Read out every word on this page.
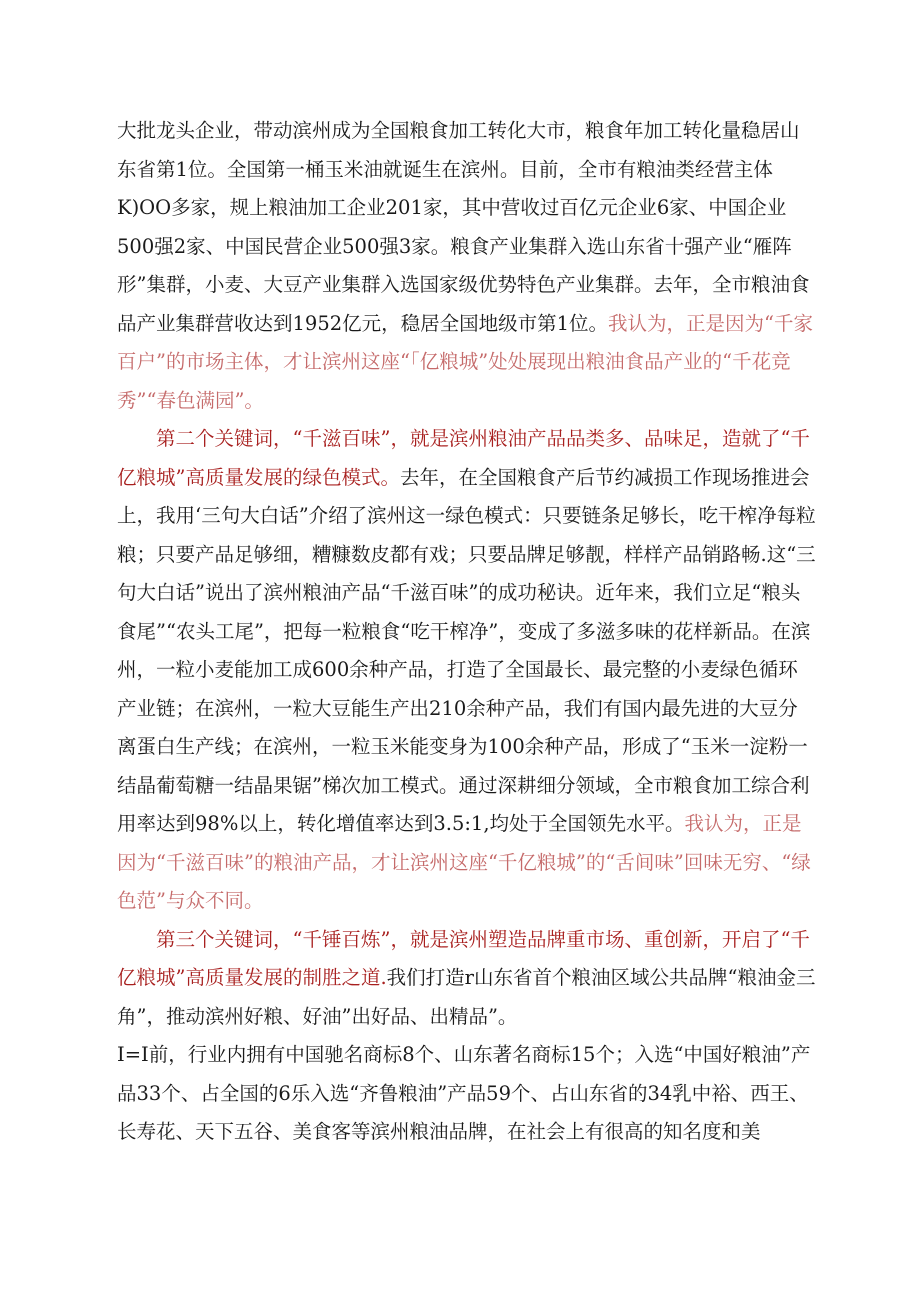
大批龙头企业，带动滨州成为全国粮食加工转化大市，粮食年加工转化量稳居山东省第1位。全国第一桶玉米油就诞生在滨州。目前，全市有粮油类经营主体K)OO多家，规上粮油加工企业201家，其中营收过百亿元企业6家、中国企业500强2家、中国民营企业500强3家。粮食产业集群入选山东省十强产业“雁阵形”集群，小麦、大豆产业集群入选国家级优势特色产业集群。去年，全市粮油食品产业集群营收达到1952亿元，稳居全国地级市第1位。我认为，正是因为“千家百户”的市场主体，才让滨州这座“「亿粮城”处处展现出粮油食品产业的“千花竞秀”“春色满园”。

第二个关键词，“千滋百味”，就是滨州粮油产品品类多、品味足，造就了“千亿粮城”高质量发展的绿色模式。去年，在全国粮食产后节约减损工作现场推进会上，我用‘三句大白话”介绍了滨州这一绿色模式：只要链条足够长，吃干榨净每粒粮；只要产品足够细，糟糠数皮都有戏；只要品牌足够靓，样样产品销路畅.这“三句大白话”说出了滨州粮油产品“千滋百味”的成功秘诀。近年来，我们立足“粮头食尾”“农头工尾”，把每一粒粮食“吃干榨净”，变成了多滋多味的花样新品。在滨州，一粒小麦能加工成600余种产品，打造了全国最长、最完整的小麦绿色循环产业链；在滨州，一粒大豆能生产出210余种产品，我们有国内最先进的大豆分离蛋白生产线；在滨州，一粒玉米能变身为100余种产品，形成了“玉米一淀粉一结晶葡萄糖一结晶果锯”梯次加工模式。通过深耕细分领域，全市粮食加工综合利用率达到98%以上，转化增值率达到3.5:1,均处于全国领先水平。我认为，正是因为“千滋百味”的粮油产品，才让滨州这座“千亿粮城”的“舌间味”回味无穷、“绿色范”与众不同。

第三个关键词，“千锤百炼”，就是滨州塑造品牌重市场、重创新，开启了“千亿粮城”高质量发展的制胜之道.我们打造r山东省首个粮油区域公共品牌“粮油金三角”，推动滨州好粮、好油”出好品、出精品”。

I=I前，行业内拥有中国驰名商标8个、山东著名商标15个；入选“中国好粮油”产品33个、占全国的6乐入选“齐鲁粮油”产品59个、占山东省的34乳中裕、西王、长寿花、天下五谷、美食客等滨州粮油品牌，在社会上有很高的知名度和美
